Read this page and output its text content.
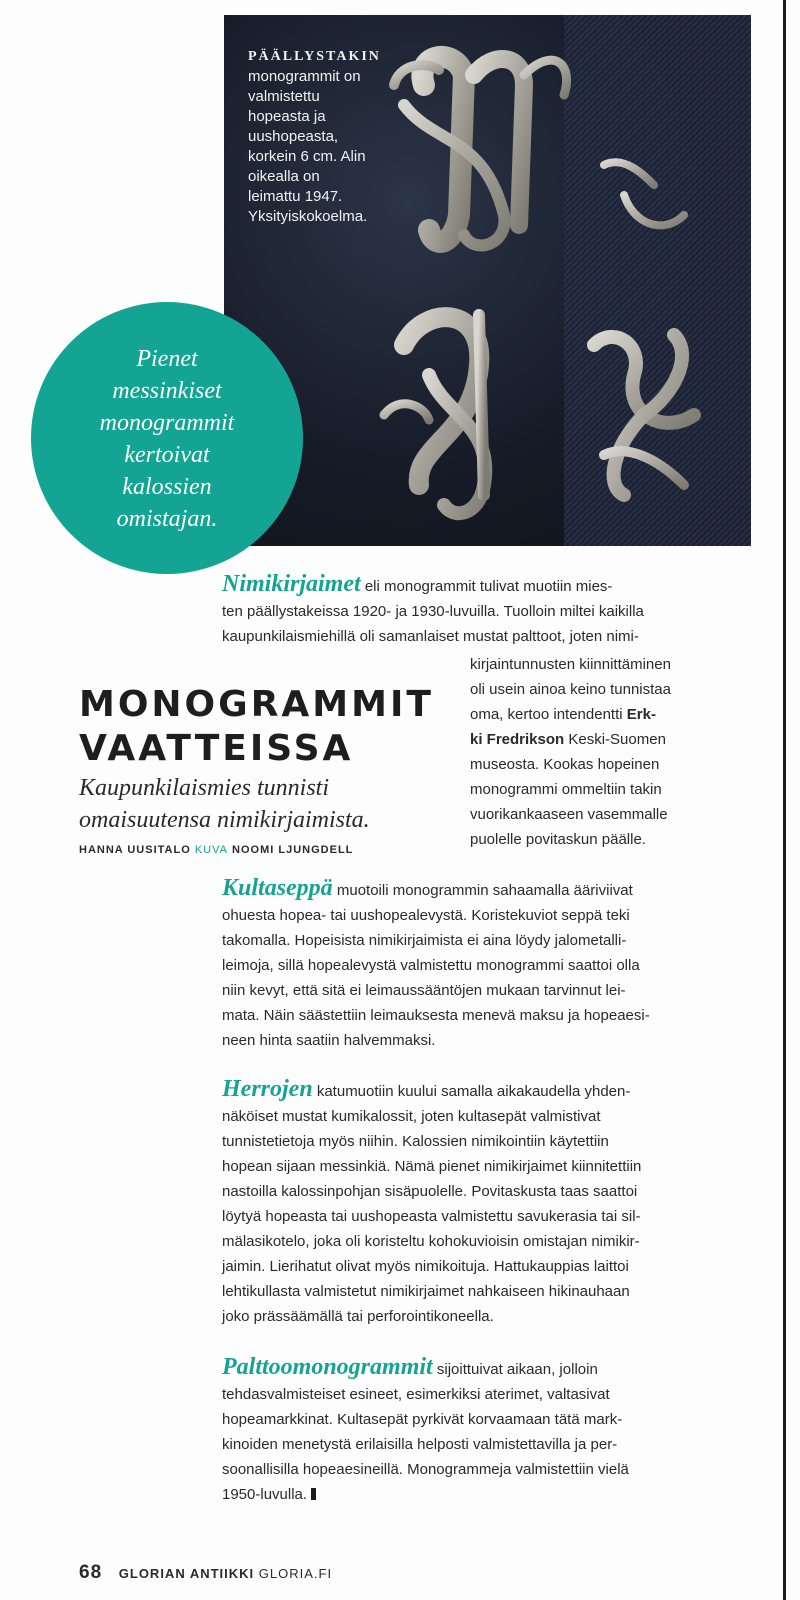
PÄÄLLYSTAKIN
monogrammit on
valmistettu
hopeasta ja
uushopeasta,
korkein 6 cm. Alin
oikealla on
leimattu 1947.
Yksityiskokoelma.
Pienet
messinkiset
monogrammit
kertoivat
kalossien
omistajan.
Nimikirjaimet eli monogrammit tulivat muotiin mies-
ten päällystakeissa 1920- ja 1930-luvuilla. Tuolloin miltei kaikilla
kaupunkilaismiehillä oli samanlaiset mustat palttoot, joten nimi-
kirjaintunnusten kiinnittäminen
oli usein ainoa keino tunnistaa
oma, kertoo intendentti Erk-
ki Fredrikson Keski-Suomen
museosta. Kookas hopeinen
monogrammi ommeltiin takin
vuorikankaaseen vasemmalle
puolelle povitaskun päälle.
MONOGRAMMIT
VAATTEISSA
Kaupunkilaismies tunnisti
omaisuutensa nimikirjaimista.
HANNA UUSITALO KUVA NOOMI LJUNGDELL
Kultaseppä muotoili monogrammin sahaamalla ääriviivat
ohuesta hopea- tai uushopealevystä. Koristekuviot seppä teki
takomalla. Hopeisista nimikirjaimista ei aina löydy jalometalli-
leimoja, sillä hopealevystä valmistettu monogrammi saattoi olla
niin kevyt, että sitä ei leimaussääntöjen mukaan tarvinnut lei-
mata. Näin säästettiin leimauksesta menevä maksu ja hopeaesi-
neen hinta saatiin halvemmaksi.
Herrojen katumuotiin kuului samalla aikakaudella yhden-
näköiset mustat kumikalossit, joten kultasepät valmistivat
tunnistetietoja myös niihin. Kalossien nimikointiin käytettiin
hopean sijaan messinkiä. Nämä pienet nimikirjaimet kiinnitettiin
nastoilla kalossinpohjan sisäpuolelle. Povitaskusta taas saattoi
löytyä hopeasta tai uushopeasta valmistettu savukerasia tai sil-
mälasikotelo, joka oli koristeltu kohokuvioisin omistajan nimikir-
jaimin. Lierihatut olivat myös nimikoituja. Hattukauppias laittoi
lehtikullasta valmistetut nimikirjaimet nahkaiseen hikinauhaan
joko prässäämällä tai perforointikoneella.
Palttoomonogrammit sijoittuivat aikaan, jolloin
tehdasvalmisteiset esineet, esimerkiksi aterimet, valtasivat
hopeamarkkinat. Kultasepät pyrkivät korvaamaan tätä mark-
kinoiden menetystä erilaisilla helposti valmistettavilla ja per-
soonallisilla hopeaesineillä. Monogrammeja valmistettiin vielä
1950-luvulla.
68 GLORIAN ANTIIKKI GLORIA.FI
